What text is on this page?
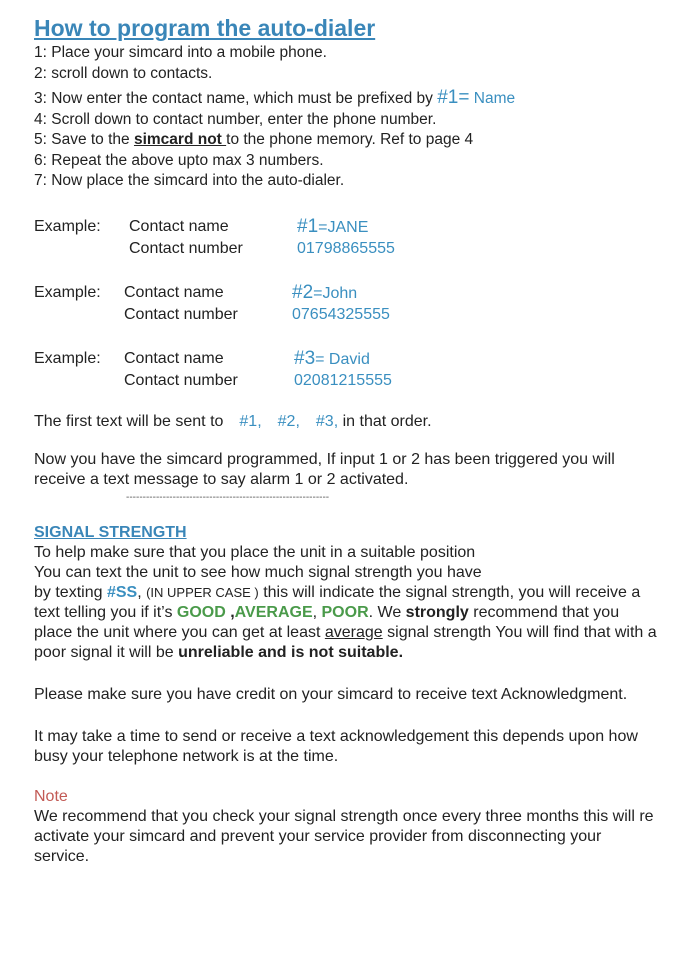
How to program the auto-dialer
1: Place your simcard into a mobile phone.
2: scroll down to contacts.
3: Now enter the contact name, which must be prefixed by #1= Name
4: Scroll down to contact number, enter the phone number.
5: Save to the simcard not to the phone memory. Ref to page 4
6: Repeat the above upto max 3 numbers.
7: Now place the simcard into the auto-dialer.
Example:	Contact name	#1=JANE
Contact number	01798865555
Example:	Contact name	#2=John
Contact number	07654325555
Example:	Contact name	#3= David
Contact number	02081215555
The first text will be sent to #1, #2, #3, in that order.
Now you have the simcard programmed, If input 1 or 2 has been triggered you will receive a text message to say alarm 1 or 2 activated.
-------------------------------------------------------------
SIGNAL STRENGTH
To help make sure that you place the unit in a suitable position
You can text the unit to see how much signal strength you have
by texting #SS, (IN UPPER CASE ) this will indicate the signal strength, you will receive a text telling you if it’s GOOD ,AVERAGE, POOR. We strongly recommend that you place the unit where you can get at least average signal strength You will find that with a poor signal it will be unreliable and is not suitable.
Please make sure you have credit on your simcard to receive text Acknowledgment.
It may take a time to send or receive a text acknowledgement this depends upon how busy your telephone network is at the time.
Note
We recommend that you check your signal strength once every three months this will re activate your simcard and prevent your service provider from disconnecting your service.
